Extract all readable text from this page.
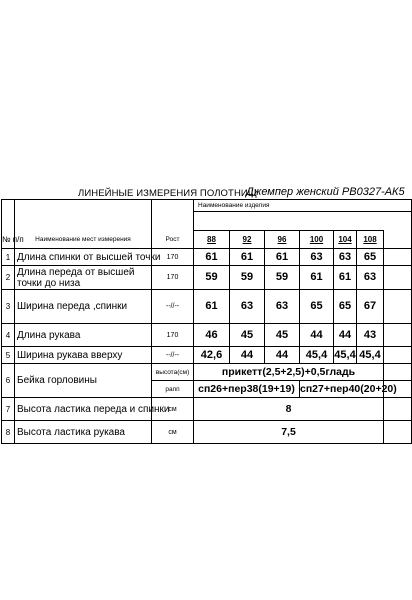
ЛИНЕЙНЫЕ ИЗМЕРЕНИЯ ПОЛОТНИЩ
Джемпер женский РВ0327-АК5
			Наименование изделия						

№ п/п	Наименование мест измерения	Рост	88	92	96	100	104	108	
1	Длина спинки от высшей точки	170	61	61	61	63	63	65	
2	Длина переда от высшей точки до низа	170	59	59	59	61	61	63	
3	Ширина переда ,спинки	--//--	61	63	63	65	65	67	
4	Длина рукава	170	46	45	45	44	44	43	
5	Ширина рукава вверху	--//--	42,6	44	44	45,4	45,4	45,4	
6	Бейка горловины	высота(см)	прикетт(2,5+2,5)+0,5гладь						
		рапп	сп26+пер38(19+19)			сп27+пер40(20+20)			
7	Высота ластика переда и спинки	см	8						
8	Высота ластика рукава	см	7,5						
